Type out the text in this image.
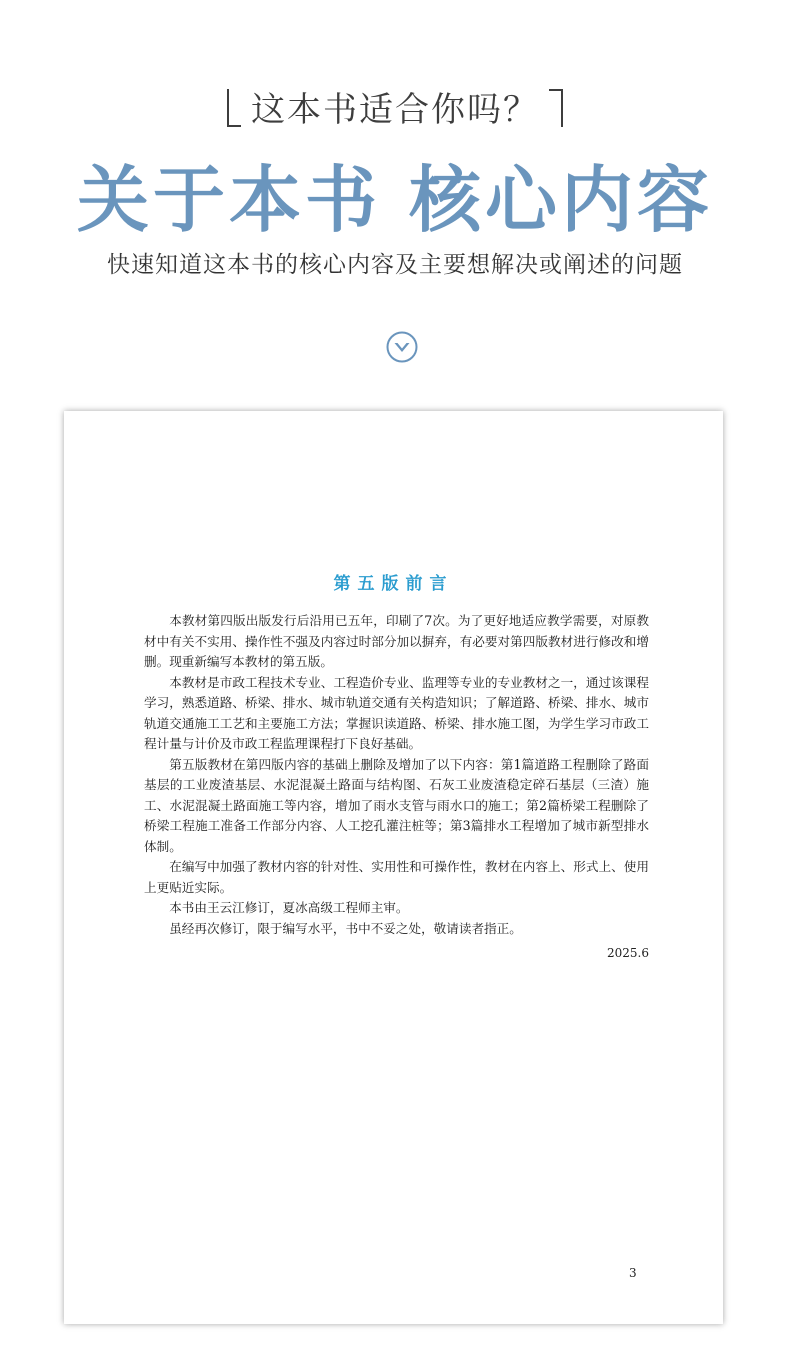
这本书适合你吗？
关于本书 核心内容
快速知道这本书的核心内容及主要想解决或阐述的问题
第五版前言

本教材第四版出版发行后沿用已五年，印刷了7次。为了更好地适应教学需要，对原教材中有关不实用、操作性不强及内容过时部分加以摒弃，有必要对第四版教材进行修改和增删。现重新编写本教材的第五版。

本教材是市政工程技术专业、工程造价专业、监理等专业的专业教材之一，通过该课程学习，熟悉道路、桥梁、排水、城市轨道交通有关构造知识；了解道路、桥梁、排水、城市轨道交通施工工艺和主要施工方法；掌握识读道路、桥梁、排水施工图，为学生学习市政工程计量与计价及市政工程监理课程打下良好基础。

第五版教材在第四版内容的基础上删除及增加了以下内容：第1篇道路工程删除了路面基层的工业废渣基层、水泥混凝土路面与结构图、石灰工业废渣稳定碎石基层（三渣）施工、水泥混凝土路面施工等内容，增加了雨水支管与雨水口的施工；第2篇桥梁工程删除了桥梁工程施工准备工作部分内容、人工挖孔灌注桩等；第3篇排水工程增加了城市新型排水体制。

在编写中加强了教材内容的针对性、实用性和可操作性，教材在内容上、形式上、使用上更贴近实际。

本书由王云江修订，夏冰高级工程师主审。

虽经再次修订，限于编写水平，书中不妥之处，敬请读者指正。

2025.6
3
